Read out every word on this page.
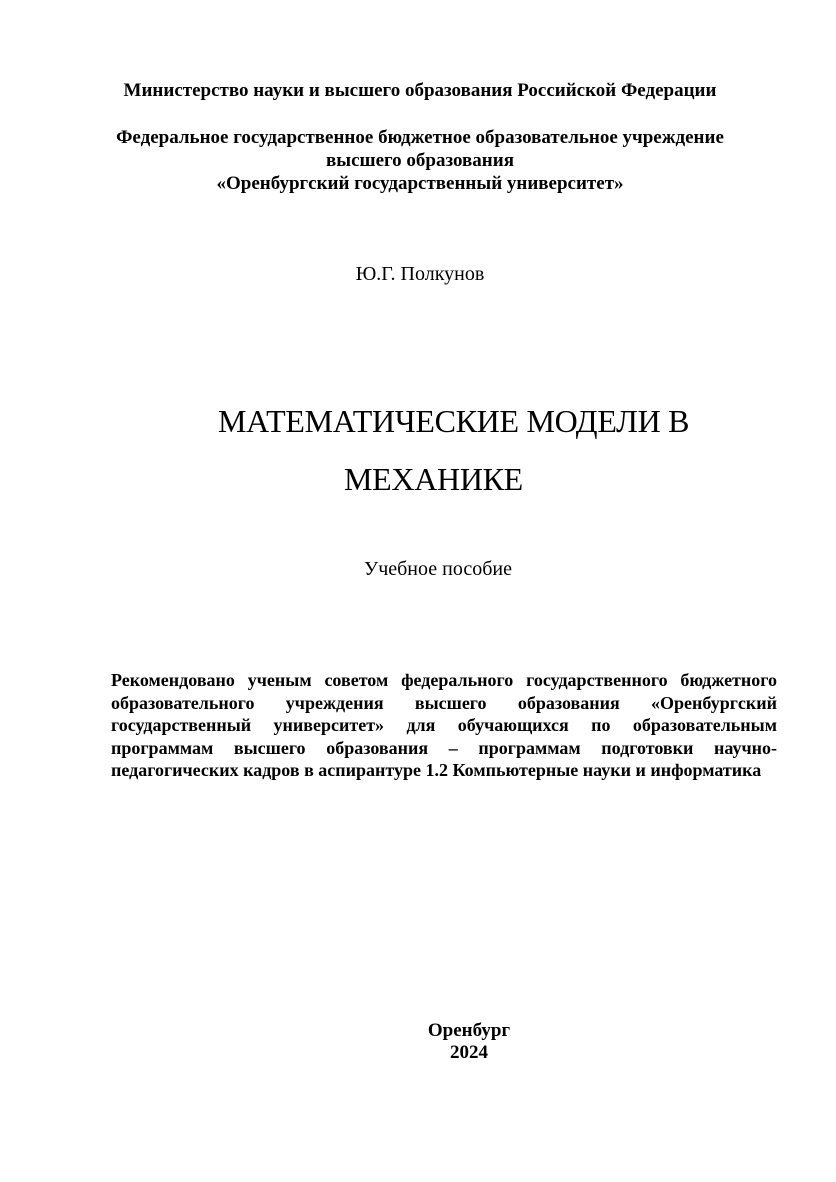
Министерство науки и высшего образования Российской Федерации
Федеральное государственное бюджетное образовательное учреждение
высшего образования
«Оренбургский государственный университет»
Ю.Г. Полкунов
МАТЕМАТИЧЕСКИЕ МОДЕЛИ В
МЕХАНИКЕ
Учебное пособие
Рекомендовано ученым советом федерального государственного бюджетного
образовательного учреждения высшего образования «Оренбургский
государственный университет» для обучающихся по образовательным
программам высшего образования – программам подготовки научно-
педагогических кадров в аспирантуре 1.2 Компьютерные науки и информатика
Оренбург
2024
